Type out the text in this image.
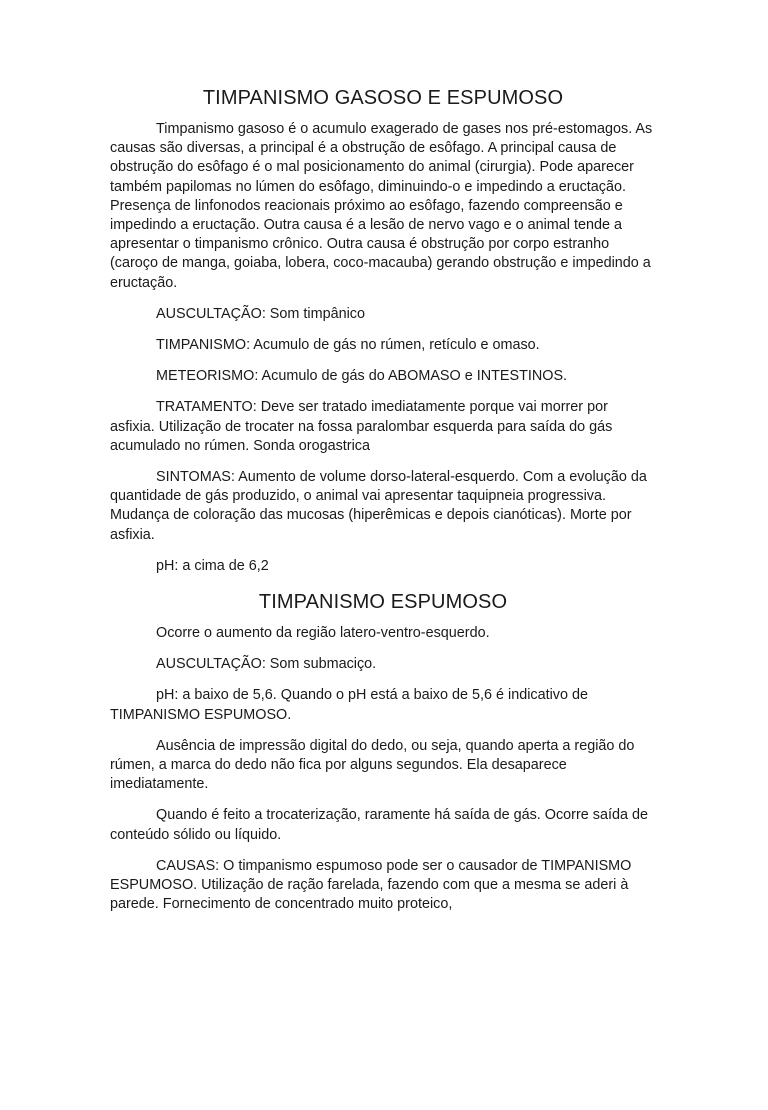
TIMPANISMO GASOSO E ESPUMOSO

Timpanismo gasoso é o acumulo exagerado de gases nos pré-estomagos. As causas são diversas, a principal é a obstrução de esôfago. A principal causa de obstrução do esôfago é o mal posicionamento do animal (cirurgia). Pode aparecer também papilomas no lúmen do esôfago, diminuindo-o e impedindo a eructação. Presença de linfonodos reacionais próximo ao esôfago, fazendo compreensão e impedindo a eructação. Outra causa é a lesão de nervo vago e o animal tende a apresentar o timpanismo crônico. Outra causa é obstrução por corpo estranho (caroço de manga, goiaba, lobera, coco-macauba) gerando obstrução e impedindo a eructação.

AUSCULTAÇÃO: Som timpânico

TIMPANISMO: Acumulo de gás no rúmen, retículo e omaso.

METEORISMO: Acumulo de gás do ABOMASO e INTESTINOS.

TRATAMENTO: Deve ser tratado imediatamente porque vai morrer por asfixia. Utilização de trocater na fossa paralombar esquerda para saída do gás acumulado no rúmen. Sonda orogastrica

SINTOMAS: Aumento de volume dorso-lateral-esquerdo. Com a evolução da quantidade de gás produzido, o animal vai apresentar taquipneia progressiva. Mudança de coloração das mucosas (hiperêmicas e depois cianóticas). Morte por asfixia.

pH: a cima de 6,2

TIMPANISMO ESPUMOSO

Ocorre o aumento da região latero-ventro-esquerdo.

AUSCULTAÇÃO: Som submaciço.

pH: a baixo de 5,6. Quando o pH está a baixo de 5,6 é indicativo de TIMPANISMO ESPUMOSO.

Ausência de impressão digital do dedo, ou seja, quando aperta a região do rúmen, a marca do dedo não fica por alguns segundos. Ela desaparece imediatamente.

Quando é feito a trocaterização, raramente há saída de gás. Ocorre saída de conteúdo sólido ou líquido.

CAUSAS: O timpanismo espumoso pode ser o causador de TIMPANISMO ESPUMOSO. Utilização de ração farelada, fazendo com que a mesma se aderi à parede. Fornecimento de concentrado muito proteico,
